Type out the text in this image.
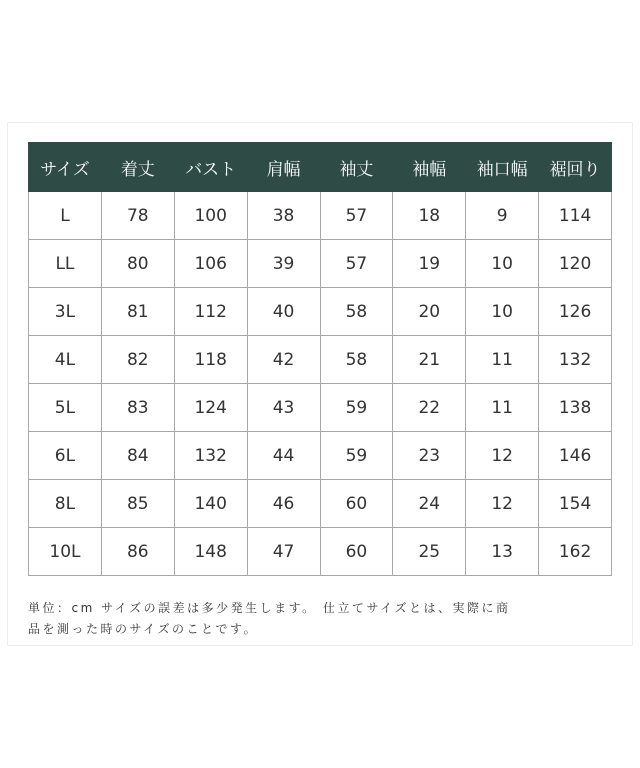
サイズ	着丈	バスト	肩幅	袖丈	袖幅	袖口幅	裾回り
L	78	100	38	57	18	9	114
LL	80	106	39	57	19	10	120
3L	81	112	40	58	20	10	126
4L	82	118	42	58	21	11	132
5L	83	124	43	59	22	11	138
6L	84	132	44	59	23	12	146
8L	85	140	46	60	24	12	154
10L	86	148	47	60	25	13	162
単位：cm サイズの誤差は多少発生します。 仕立てサイズとは、実際に商
品を測った時のサイズのことです。
